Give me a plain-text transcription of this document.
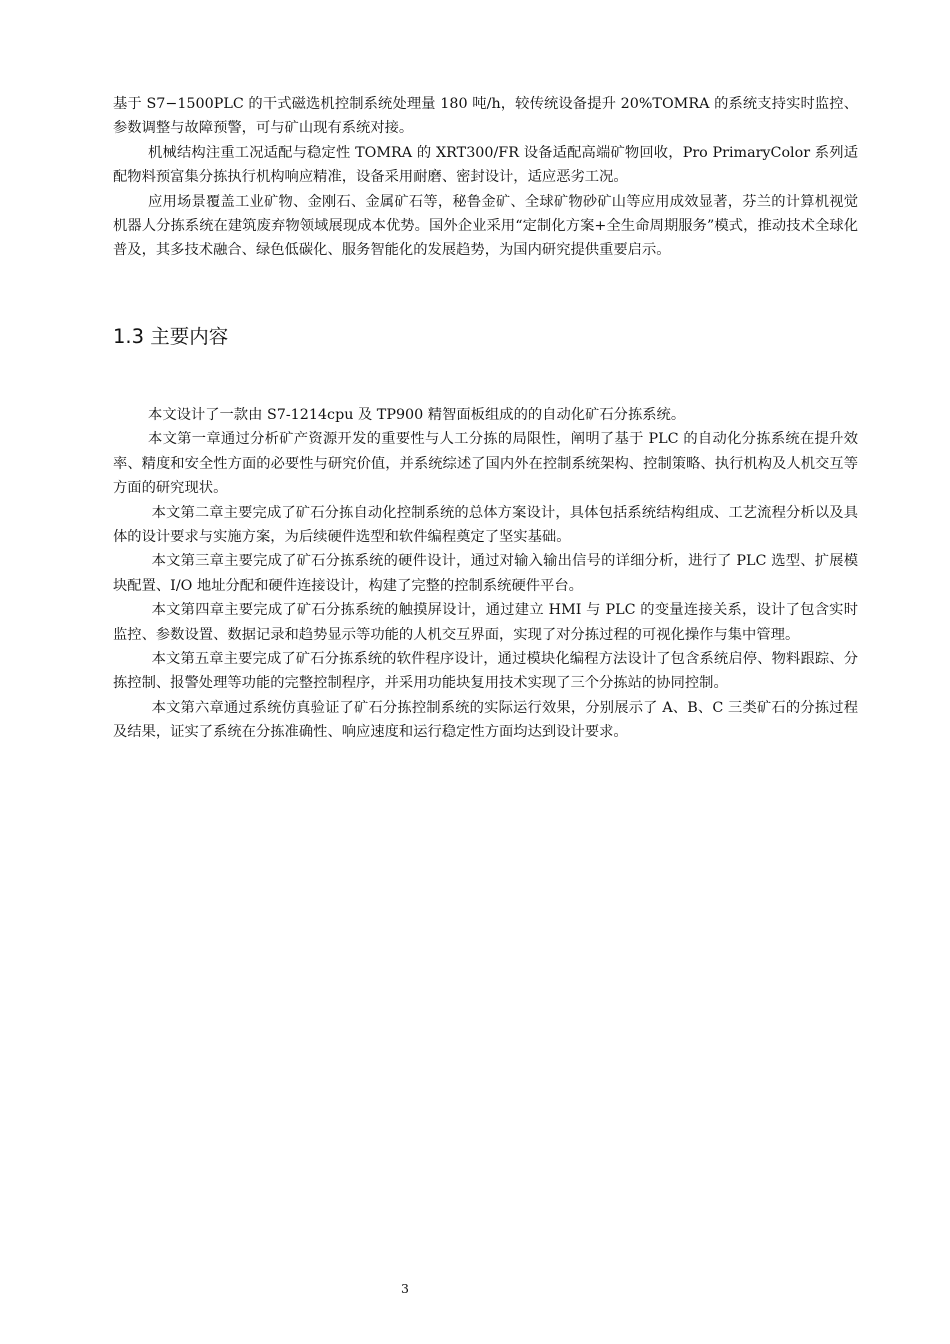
基于 S7−1500PLC 的干式磁选机控制系统处理量 180 吨/h，较传统设备提升 20%TOMRA 的系统支持实时监控、参数调整与故障预警，可与矿山现有系统对接。

机械结构注重工况适配与稳定性 TOMRA 的 XRT300/FR 设备适配高端矿物回收，Pro PrimaryColor 系列适配物料预富集分拣执行机构响应精准，设备采用耐磨、密封设计，适应恶劣工况。

应用场景覆盖工业矿物、金刚石、金属矿石等，秘鲁金矿、全球矿物砂矿山等应用成效显著，芬兰的计算机视觉机器人分拣系统在建筑废弃物领域展现成本优势。国外企业采用“定制化方案+全生命周期服务”模式，推动技术全球化普及，其多技术融合、绿色低碳化、服务智能化的发展趋势，为国内研究提供重要启示。

1.3 主要内容

本文设计了一款由 S7-1214cpu 及 TP900 精智面板组成的的自动化矿石分拣系统。

本文第一章通过分析矿产资源开发的重要性与人工分拣的局限性，阐明了基于 PLC 的自动化分拣系统在提升效率、精度和安全性方面的必要性与研究价值，并系统综述了国内外在控制系统架构、控制策略、执行机构及人机交互等方面的研究现状。

本文第二章主要完成了矿石分拣自动化控制系统的总体方案设计，具体包括系统结构组成、工艺流程分析以及具体的设计要求与实施方案，为后续硬件选型和软件编程奠定了坚实基础。

本文第三章主要完成了矿石分拣系统的硬件设计，通过对输入输出信号的详细分析，进行了 PLC 选型、扩展模块配置、I/O 地址分配和硬件连接设计，构建了完整的控制系统硬件平台。

本文第四章主要完成了矿石分拣系统的触摸屏设计，通过建立 HMI 与 PLC 的变量连接关系，设计了包含实时监控、参数设置、数据记录和趋势显示等功能的人机交互界面，实现了对分拣过程的可视化操作与集中管理。

本文第五章主要完成了矿石分拣系统的软件程序设计，通过模块化编程方法设计了包含系统启停、物料跟踪、分拣控制、报警处理等功能的完整控制程序，并采用功能块复用技术实现了三个分拣站的协同控制。

本文第六章通过系统仿真验证了矿石分拣控制系统的实际运行效果，分别展示了 A、B、C 三类矿石的分拣过程及结果，证实了系统在分拣准确性、响应速度和运行稳定性方面均达到设计要求。

3
